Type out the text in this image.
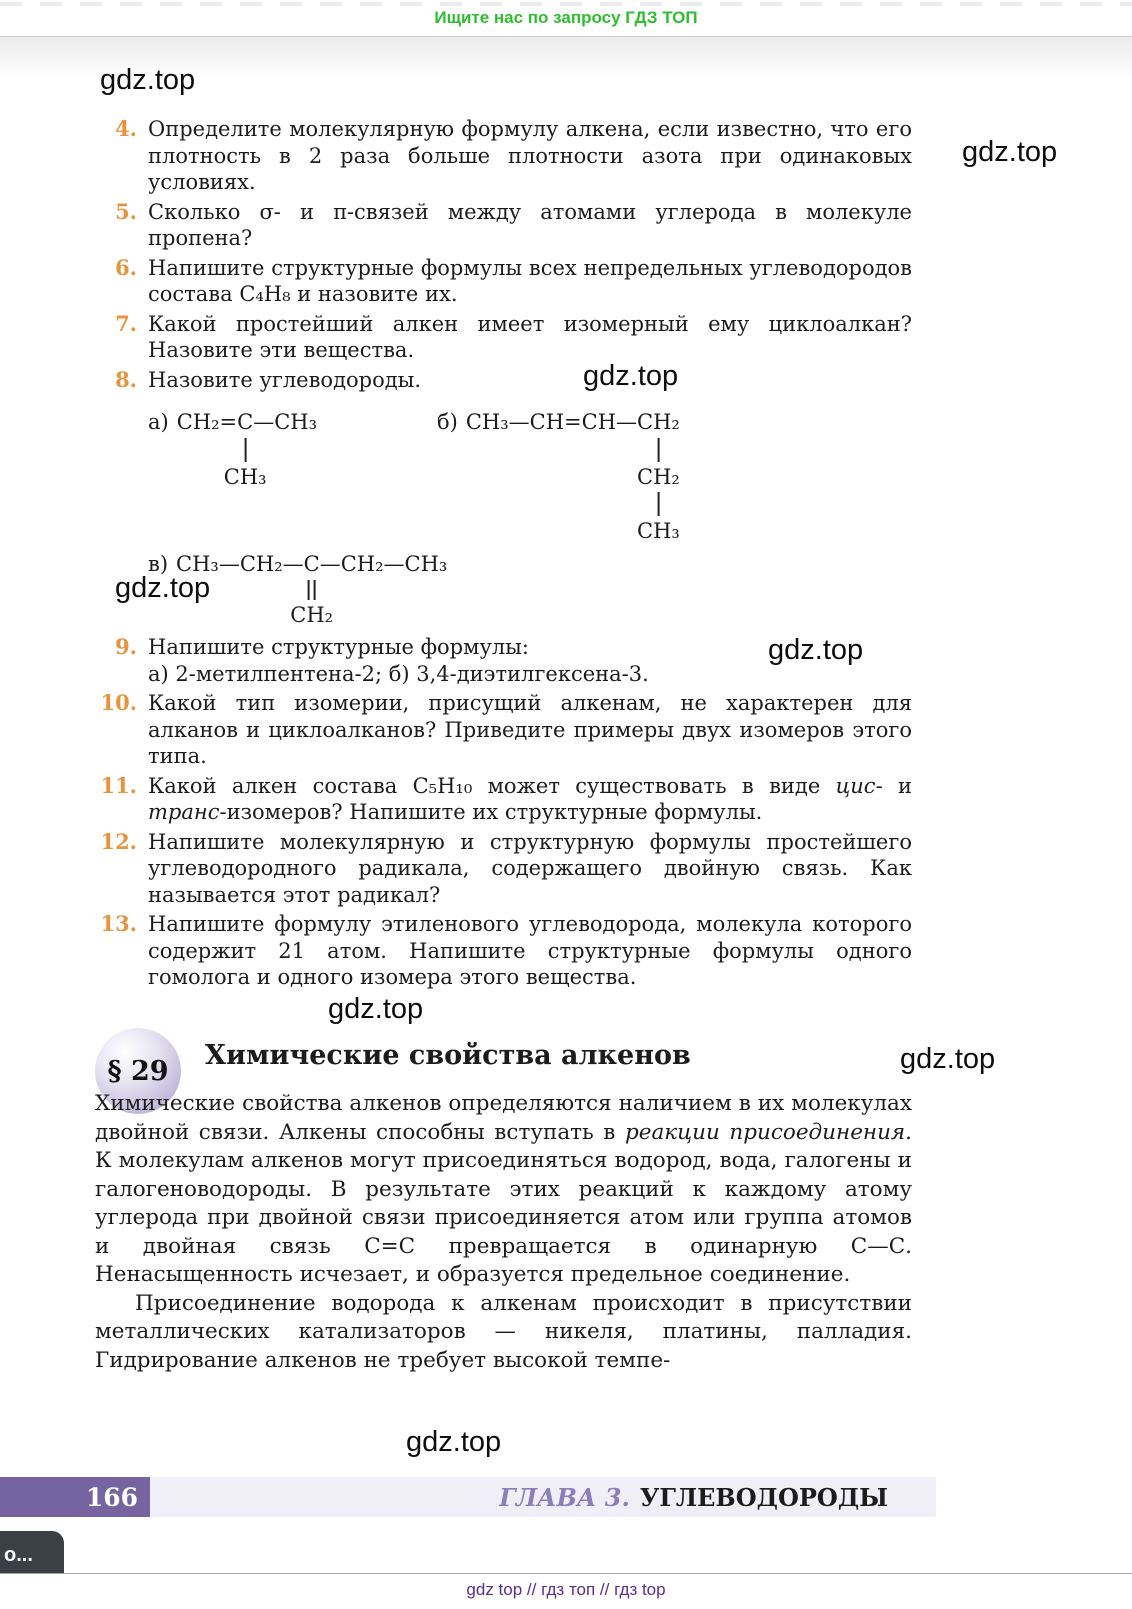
Ищите нас по запросу ГДЗ ТОП
gdz.top
gdz.top
gdz.top
gdz.top
gdz.top
gdz.top
gdz.top
gdz.top
4. Определите молекулярную формулу алкена, если известно, что его плотность в 2 раза больше плотности азота при одинаковых условиях.
5. Сколько σ- и π-связей между атомами углерода в молекуле пропена?
6. Напишите структурные формулы всех непредельных углеводородов состава C₄H₈ и назовите их.
7. Какой простейший алкен имеет изомерный ему циклоалкан? Назовите эти вещества.
8. Назовите углеводороды.
а) CH₂=C
CH₃
—CH₃	б) CH₃—CH=CH—CH₂
CH₂
CH₃
в) CH₃—CH₂—C
CH₂
—CH₂—CH₃
9. Напишите структурные формулы:
а) 2-метилпентена-2; б) 3,4-диэтилгексена-3.
10. Какой тип изомерии, присущий алкенам, не характерен для алканов и циклоалканов? Приведите примеры двух изомеров этого типа.
11. Какой алкен состава C₅H₁₀ может существовать в виде цис- и транс-изомеров? Напишите их структурные формулы.
12. Напишите молекулярную и структурную формулы простейшего углеводородного радикала, содержащего двойную связь. Как называется этот радикал?
13. Напишите формулу этиленового углеводорода, молекула которого содержит 21 атом. Напишите структурные формулы одного гомолога и одного изомера этого вещества.
§ 29 Химические свойства алкенов

Химические свойства алкенов определяются наличием в их молекулах двойной связи. Алкены способны вступать в реакции присоединения. К молекулам алкенов могут присоединяться водород, вода, галогены и галогеноводороды. В результате этих реакций к каждому атому углерода при двойной связи присоединяется атом или группа атомов и двойная связь С=С превращается в одинарную С—С. Ненасыщенность исчезает, и образуется предельное соединение.

Присоединение водорода к алкенам происходит в присутствии металлических катализаторов — никеля, платины, палладия. Гидрирование алкенов не требует высокой темпе-

166	ГЛАВА 3. УГЛЕВОДОРОДЫ
o...
gdz top // гдз топ // гдз top
